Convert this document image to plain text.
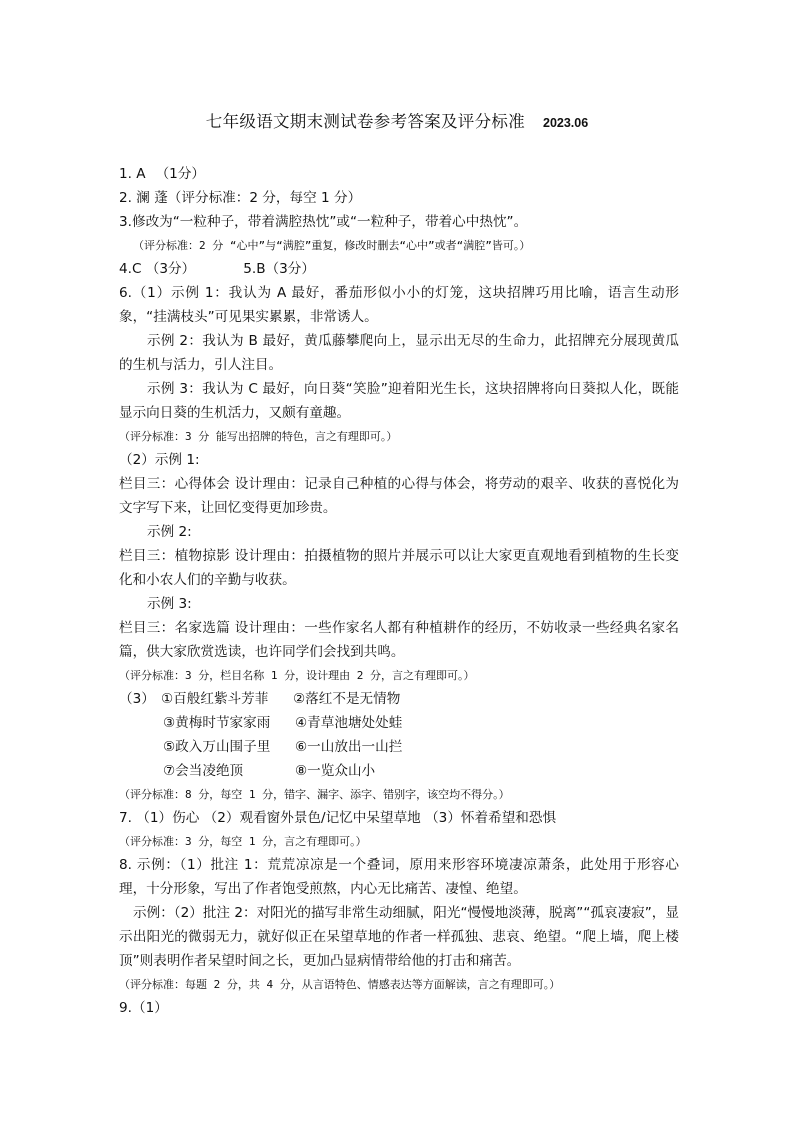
七年级语文期末测试卷参考答案及评分标准 2023.06
1. A （1分）
2. 澜 蓬（评分标准：2 分，每空 1 分）
3.修改为“一粒种子，带着满腔热忱”或“一粒种子，带着心中热忱”。
（评分标准：2 分 “心中”与“满腔”重复，修改时删去“心中”或者“满腔”皆可。）
4.C （3分）	5.B（3分）
6.（1）示例 1：我认为 A 最好，番茄形似小小的灯笼，这块招牌巧用比喻，语言生动形象，“挂满枝头”可见果实累累，非常诱人。
示例 2：我认为 B 最好，黄瓜藤攀爬向上，显示出无尽的生命力，此招牌充分展现黄瓜的生机与活力，引人注目。
示例 3：我认为 C 最好，向日葵“笑脸”迎着阳光生长，这块招牌将向日葵拟人化，既能显示向日葵的生机活力，又颇有童趣。
（评分标准：3 分 能写出招牌的特色，言之有理即可。）
（2）示例 1:
栏目三：心得体会 设计理由：记录自己种植的心得与体会，将劳动的艰辛、收获的喜悦化为文字写下来，让回忆变得更加珍贵。
示例 2:
栏目三：植物掠影 设计理由：拍摄植物的照片并展示可以让大家更直观地看到植物的生长变化和小农人们的辛勤与收获。
示例 3:
栏目三：名家选篇 设计理由：一些作家名人都有种植耕作的经历，不妨收录一些经典名家名篇，供大家欣赏选读，也许同学们会找到共鸣。
（评分标准：3 分，栏目名称 1 分，设计理由 2 分，言之有理即可。）
（3） ①百般红紫斗芳菲 ②落红不是无情物
③黄梅时节家家雨 ④青草池塘处处蛙
⑤政入万山围子里 ⑥一山放出一山拦
⑦会当凌绝顶	⑧一览众山小
（评分标准：8 分，每空 1 分，错字、漏字、添字、错别字，该空均不得分。）
7. （1）伤心 （2）观看窗外景色/记忆中呆望草地 （3）怀着希望和恐惧
（评分标准：3 分，每空 1 分，言之有理即可。）
8. 示例：（1）批注 1：荒荒凉凉是一个叠词，原用来形容环境凄凉萧条，此处用于形容心理，十分形象，写出了作者饱受煎熬，内心无比痛苦、凄惶、绝望。
示例：（2）批注 2：对阳光的描写非常生动细腻，阳光“慢慢地淡薄，脱离”“孤哀凄寂”，显示出阳光的微弱无力，就好似正在呆望草地的作者一样孤独、悲哀、绝望。“爬上墙，爬上楼顶”则表明作者呆望时间之长，更加凸显病情带给他的打击和痛苦。
（评分标准：每题 2 分，共 4 分，从言语特色、情感表达等方面解读，言之有理即可。）
9.（1）
